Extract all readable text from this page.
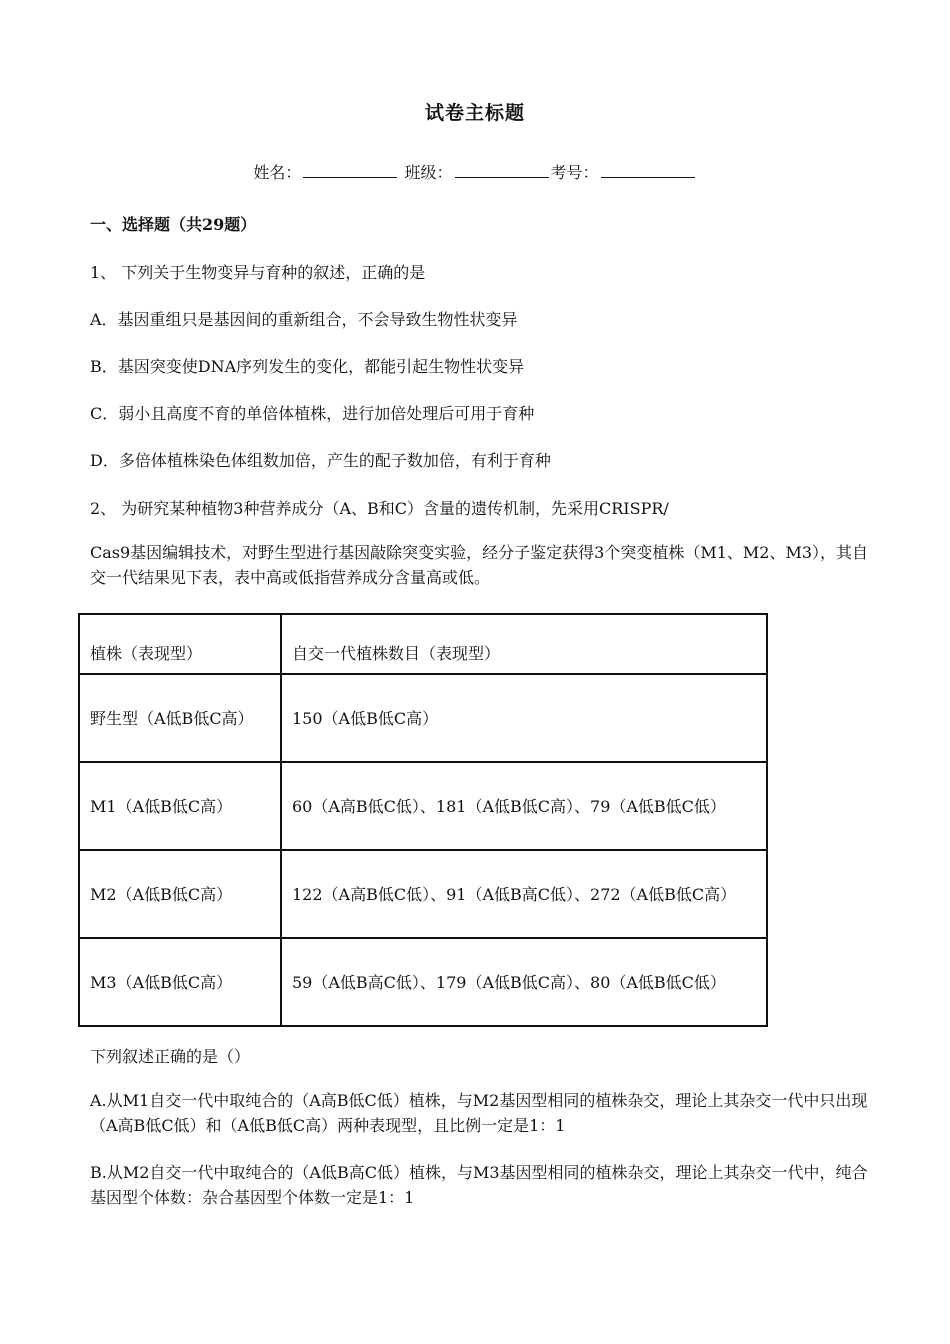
试卷主标题
姓名：	班级：	考号：
一、选择题（共29题）
1、 下列关于生物变异与育种的叙述，正确的是
A．基因重组只是基因间的重新组合，不会导致生物性状变异
B．基因突变使DNA序列发生的变化，都能引起生物性状变异
C．弱小且高度不育的单倍体植株，进行加倍处理后可用于育种
D．多倍体植株染色体组数加倍，产生的配子数加倍，有利于育种
2、 为研究某种植物3种营养成分（A、B和C）含量的遗传机制，先采用CRISPR/
Cas9基因编辑技术，对野生型进行基因敲除突变实验，经分子鉴定获得3个突变植株（M1、M2、M3），其自交一代结果见下表，表中高或低指营养成分含量高或低。
植株（表现型）	自交一代植株数目（表现型）
野生型（A低B低C高）	150（A低B低C高）
M1（A低B低C高）	60（A高B低C低）、181（A低B低C高）、79（A低B低C低）
M2（A低B低C高）	122（A高B低C低）、91（A低B高C低）、272（A低B低C高）
M3（A低B低C高）	59（A低B高C低）、179（A低B低C高）、80（A低B低C低）
下列叙述正确的是（）
A.从M1自交一代中取纯合的（A高B低C低）植株，与M2基因型相同的植株杂交，理论上其杂交一代中只出现（A高B低C低）和（A低B低C高）两种表现型，且比例一定是1：1
B.从M2自交一代中取纯合的（A低B高C低）植株，与M3基因型相同的植株杂交，理论上其杂交一代中，纯合基因型个体数：杂合基因型个体数一定是1：1
